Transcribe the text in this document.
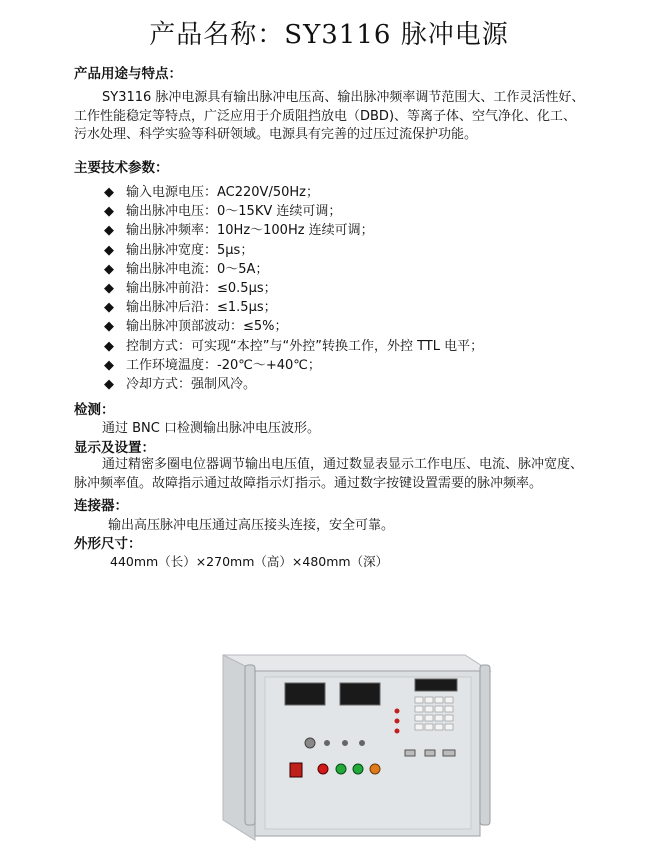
产品名称：SY3116 脉冲电源
产品用途与特点：
SY3116 脉冲电源具有输出脉冲电压高、输出脉冲频率调节范围大、工作灵活性好、
工作性能稳定等特点，广泛应用于介质阻挡放电（DBD)、等离子体、空气净化、化工、
污水处理、科学实验等科研领域。电源具有完善的过压过流保护功能。
主要技术参数：
◆ 输入电源电压：AC220V/50Hz；
◆ 输出脉冲电压：0～15KV 连续可调；
◆ 输出脉冲频率：10Hz～100Hz 连续可调；
◆ 输出脉冲宽度：5μs；
◆ 输出脉冲电流：0～5A；
◆ 输出脉冲前沿：≤0.5μs；
◆ 输出脉冲后沿：≤1.5μs；
◆ 输出脉冲顶部波动：≤5%；
◆ 控制方式：可实现“本控”与“外控”转换工作，外控 TTL 电平；
◆ 工作环境温度：-20℃～+40℃；
◆ 冷却方式：强制风冷。
检测：
通过 BNC 口检测输出脉冲电压波形。
显示及设置：
通过精密多圈电位器调节输出电压值，通过数显表显示工作电压、电流、脉冲宽度、
脉冲频率值。故障指示通过故障指示灯指示。通过数字按键设置需要的脉冲频率。
连接器：
输出高压脉冲电压通过高压接头连接，安全可靠。
外形尺寸：
440mm（长）×270mm（高）×480mm（深）
